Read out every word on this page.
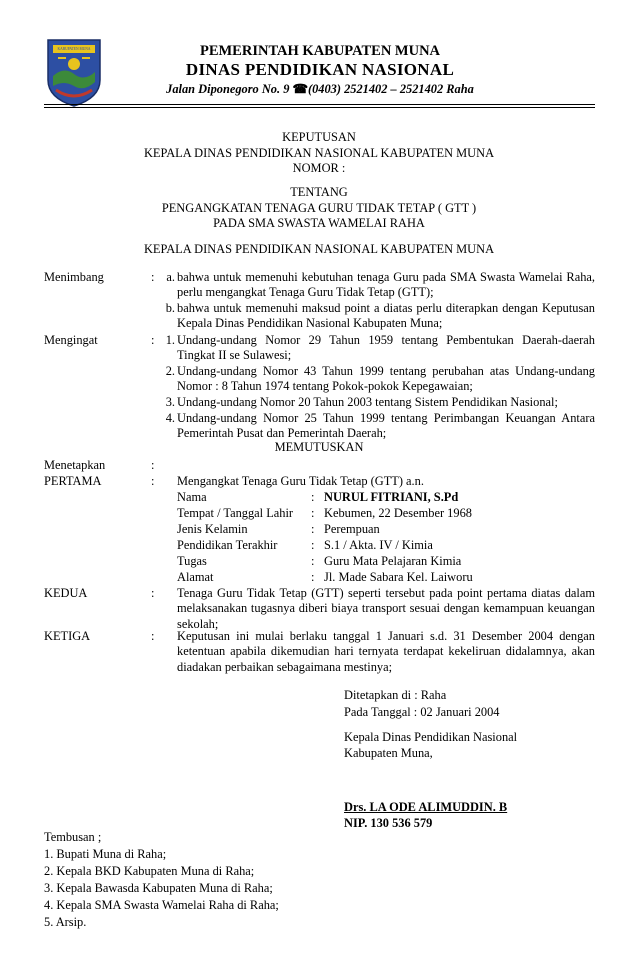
KABUPATEN MUNA	PEMERINTAH KABUPATEN MUNA
DINAS PENDIDIKAN NASIONAL
Jalan Diponegoro No. 9 ☎(0403) 2521402 – 2521402 Raha
KEPUTUSAN
KEPALA DINAS PENDIDIKAN NASIONAL KABUPATEN MUNA
NOMOR :
TENTANG
PENGANGKATAN TENAGA GURU TIDAK TETAP ( GTT )
PADA SMA SWASTA WAMELAI RAHA
KEPALA DINAS PENDIDIKAN NASIONAL KABUPATEN MUNA
Menimbang	: a. bahwa untuk memenuhi kebutuhan tenaga Guru pada SMA Swasta Wamelai Raha, perlu mengangkat Tenaga Guru Tidak Tetap (GTT);
b. bahwa untuk memenuhi maksud point a diatas perlu diterapkan dengan Keputusan Kepala Dinas Pendidikan Nasional Kabupaten Muna;
Mengingat	: 1. Undang-undang Nomor 29 Tahun 1959 tentang Pembentukan Daerah-daerah Tingkat II se Sulawesi;
2. Undang-undang Nomor 43 Tahun 1999 tentang perubahan atas Undang-undang Nomor : 8 Tahun 1974 tentang Pokok-pokok Kepegawaian;
3. Undang-undang Nomor 20 Tahun 2003 tentang Sistem Pendidikan Nasional;
4. Undang-undang Nomor 25 Tahun 1999 tentang Perimbangan Keuangan Antara Pemerintah Pusat dan Pemerintah Daerah;
MEMUTUSKAN
Menetapkan	:
PERTAMA	: Mengangkat Tenaga Guru Tidak Tetap (GTT) a.n.
Nama	: NURUL FITRIANI, S.Pd
Tempat / Tanggal Lahir : Kebumen, 22 Desember 1968
Jenis Kelamin	: Perempuan
Pendidikan Terakhir	: S.1 / Akta. IV / Kimia
Tugas	: Guru Mata Pelajaran Kimia
Alamat	: Jl. Made Sabara Kel. Laiworu
KEDUA	: Tenaga Guru Tidak Tetap (GTT) seperti tersebut pada point pertama diatas dalam melaksanakan tugasnya diberi biaya transport sesuai dengan kemampuan keuangan sekolah;
KETIGA	: Keputusan ini mulai berlaku tanggal 1 Januari s.d. 31 Desember 2004 dengan ketentuan apabila dikemudian hari ternyata terdapat kekeliruan didalamnya, akan diadakan perbaikan sebagaimana mestinya;
Ditetapkan di : Raha
Pada Tanggal : 02 Januari 2004
Kepala Dinas Pendidikan Nasional
Kabupaten Muna,
Drs. LA ODE ALIMUDDIN. B
NIP. 130 536 579
Tembusan ;
1. Bupati Muna di Raha;
2. Kepala BKD Kabupaten Muna di Raha;
3. Kepala Bawasda Kabupaten Muna di Raha;
4. Kepala SMA Swasta Wamelai Raha di Raha;
5. Arsip.
